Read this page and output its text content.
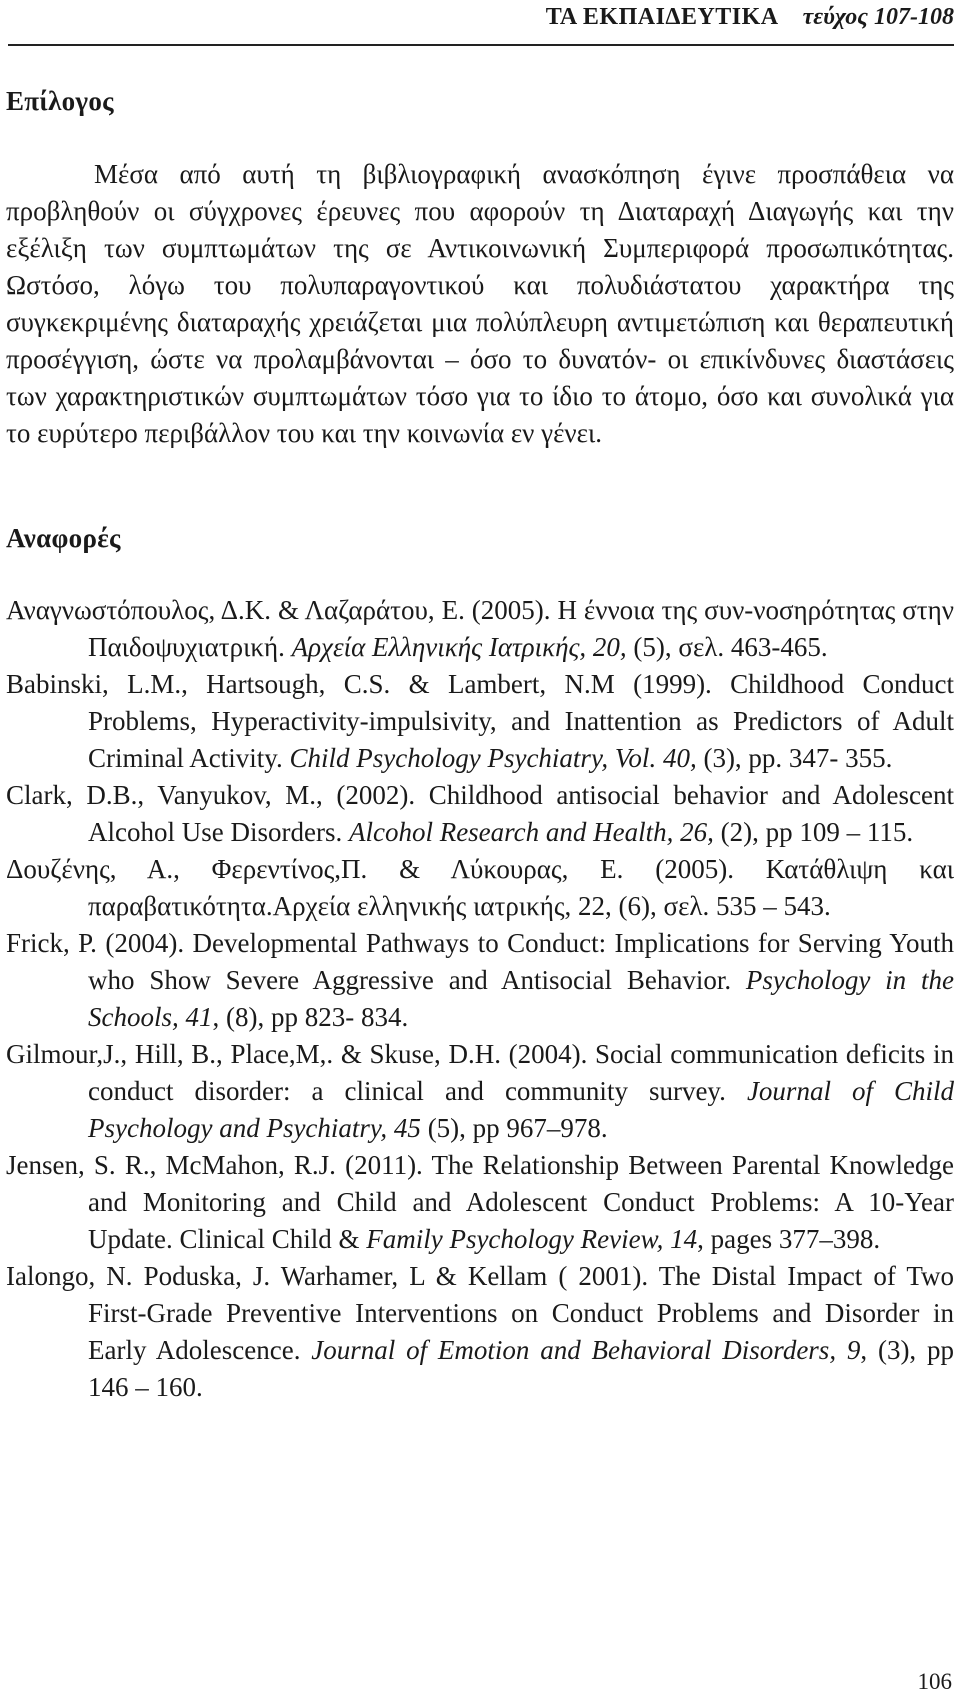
ΤΑ ΕΚΠΑΙΔΕΥΤΙΚΑ τεύχος 107-108
Επίλογος

Μέσα από αυτή τη βιβλιογραφική ανασκόπηση έγινε προσπάθεια να προβληθούν οι σύγχρονες έρευνες που αφορούν τη Διαταραχή Διαγωγής και την εξέλιξη των συμπτωμάτων της σε Αντικοινωνική Συμπεριφορά προσωπικότητας. Ωστόσο, λόγω του πολυπαραγοντικού και πολυδιάστατου χαρακτήρα της συγκεκριμένης διαταραχής χρειάζεται μια πολύπλευρη αντιμετώπιση και θεραπευτική προσέγγιση, ώστε να προλαμβάνονται – όσο το δυνατόν- οι επικίνδυνες διαστάσεις των χαρακτηριστικών συμπτωμάτων τόσο για το ίδιο το άτομο, όσο και συνολικά για το ευρύτερο περιβάλλον του και την κοινωνία εν γένει.

Αναφορές
Αναγνωστόπουλος, Δ.Κ. & Λαζαράτου, Ε. (2005). Η έννοια της συν-νοσηρότητας στην Παιδοψυχιατρική. Αρχεία Ελληνικής Ιατρικής, 20, (5), σελ. 463-465.
Babinski, L.M., Hartsough, C.S. & Lambert, N.M (1999). Childhood Conduct Problems, Hyperactivity-impulsivity, and Inattention as Predictors of Adult Criminal Activity. Child Psychology Psychiatry, Vol. 40, (3), pp. 347- 355.
Clark, D.B., Vanyukov, M., (2002). Childhood antisocial behavior and Adolescent Alcohol Use Disorders. Alcohol Research and Health, 26, (2), pp 109 – 115.
Δουζένης, Α., Φερεντίνος,Π. & Λύκουρας, Ε. (2005). Κατάθλιψη και παραβατικότητα.Αρχεία ελληνικής ιατρικής, 22, (6), σελ. 535 – 543.
Frick, P. (2004). Developmental Pathways to Conduct: Implications for Serving Youth who Show Severe Aggressive and Antisocial Behavior. Psychology in the Schools, 41, (8), pp 823- 834.
Gilmour,J., Hill, B., Place,M,. & Skuse, D.H. (2004). Social communication deficits in conduct disorder: a clinical and community survey. Journal of Child Psychology and Psychiatry, 45 (5), pp 967–978.
Jensen, S. R., McMahon, R.J. (2011). The Relationship Between Parental Knowledge and Monitoring and Child and Adolescent Conduct Problems: A 10-Year Update. Clinical Child & Family Psychology Review, 14, pages 377–398.
Ialongo, N. Poduska, J. Warhamer, L & Kellam ( 2001). The Distal Impact of Two First-Grade Preventive Interventions on Conduct Problems and Disorder in Early Adolescence. Journal of Emotion and Behavioral Disorders, 9, (3), pp 146 – 160.
106
